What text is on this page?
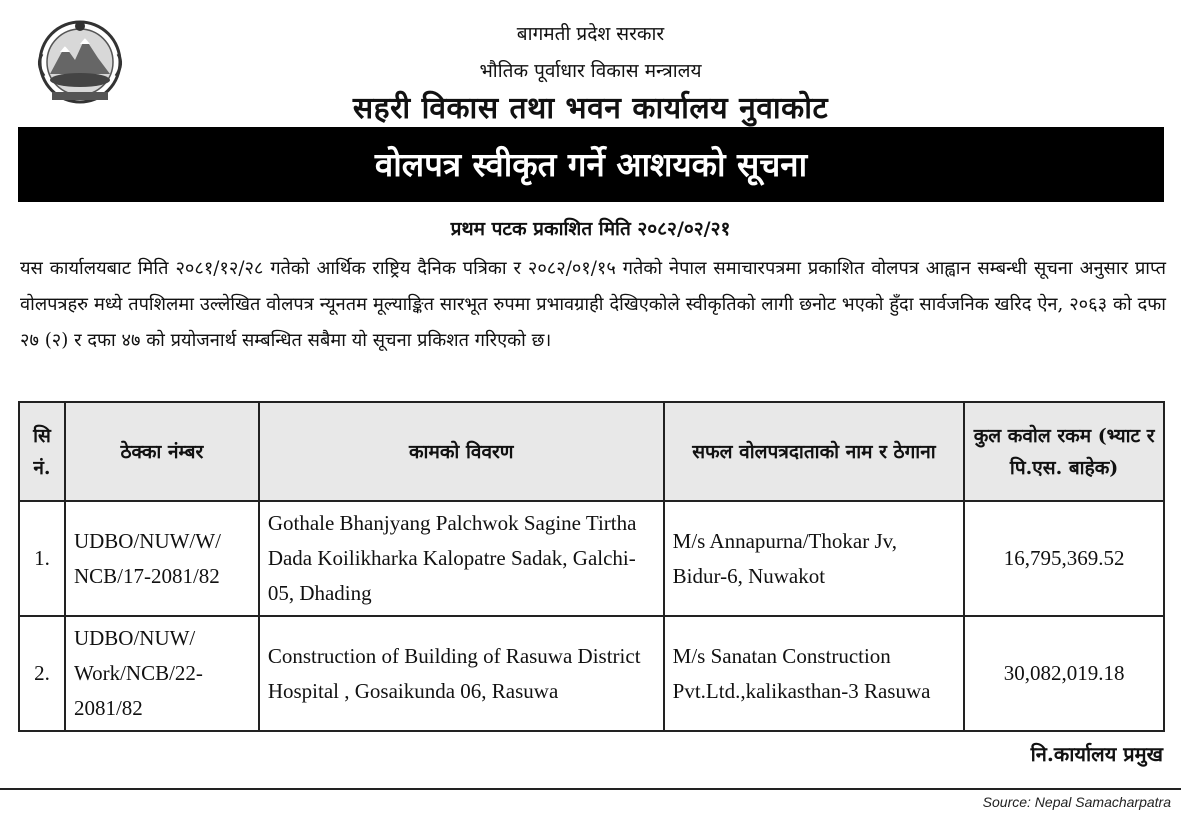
बागमती प्रदेश सरकार
भौतिक पूर्वाधार विकास मन्त्रालय
सहरी विकास तथा भवन कार्यालय नुवाकोट
वोलपत्र स्वीकृत गर्ने आशयको सूचना
प्रथम पटक प्रकाशित मिति २०८२/०२/२१
यस कार्यालयबाट मिति २०८१/१२/२८ गतेको आर्थिक राष्ट्रिय दैनिक पत्रिका र २०८२/०१/१५ गतेको नेपाल समाचारपत्रमा प्रकाशित वोलपत्र आह्वान सम्बन्धी सूचना अनुसार प्राप्त वोलपत्रहरु मध्ये तपशिलमा उल्लेखित वोलपत्र न्यूनतम मूल्याङ्कित सारभूत रुपमा प्रभावग्राही देखिएकोले स्वीकृतिको लागी छनोट भएको हुँदा सार्वजनिक खरिद ऐन, २०६३ को दफा २७ (२) र दफा ४७ को प्रयोजनार्थ सम्बन्धित सबैमा यो सूचना प्रकिशत गरिएको छ।
सि नं.	ठेक्का नंम्बर	कामको विवरण	सफल वोलपत्रदाताको नाम र ठेगाना	कुल कवोल रकम (भ्याट र पि.एस. बाहेक)
1.	UDBO/NUW/W/ NCB/17-2081/82	Gothale Bhanjyang Palchwok Sagine Tirtha Dada Koilikharka Kalopatre Sadak, Galchi-05, Dhading	M/s Annapurna/Thokar Jv, Bidur-6, Nuwakot	16,795,369.52
2.	UDBO/NUW/ Work/NCB/22- 2081/82	Construction of Building of Rasuwa District Hospital , Gosaikunda 06, Rasuwa	M/s Sanatan Construction Pvt.Ltd.,kalikasthan-3 Rasuwa	30,082,019.18
नि.कार्यालय प्रमुख
Source: Nepal Samacharpatra
